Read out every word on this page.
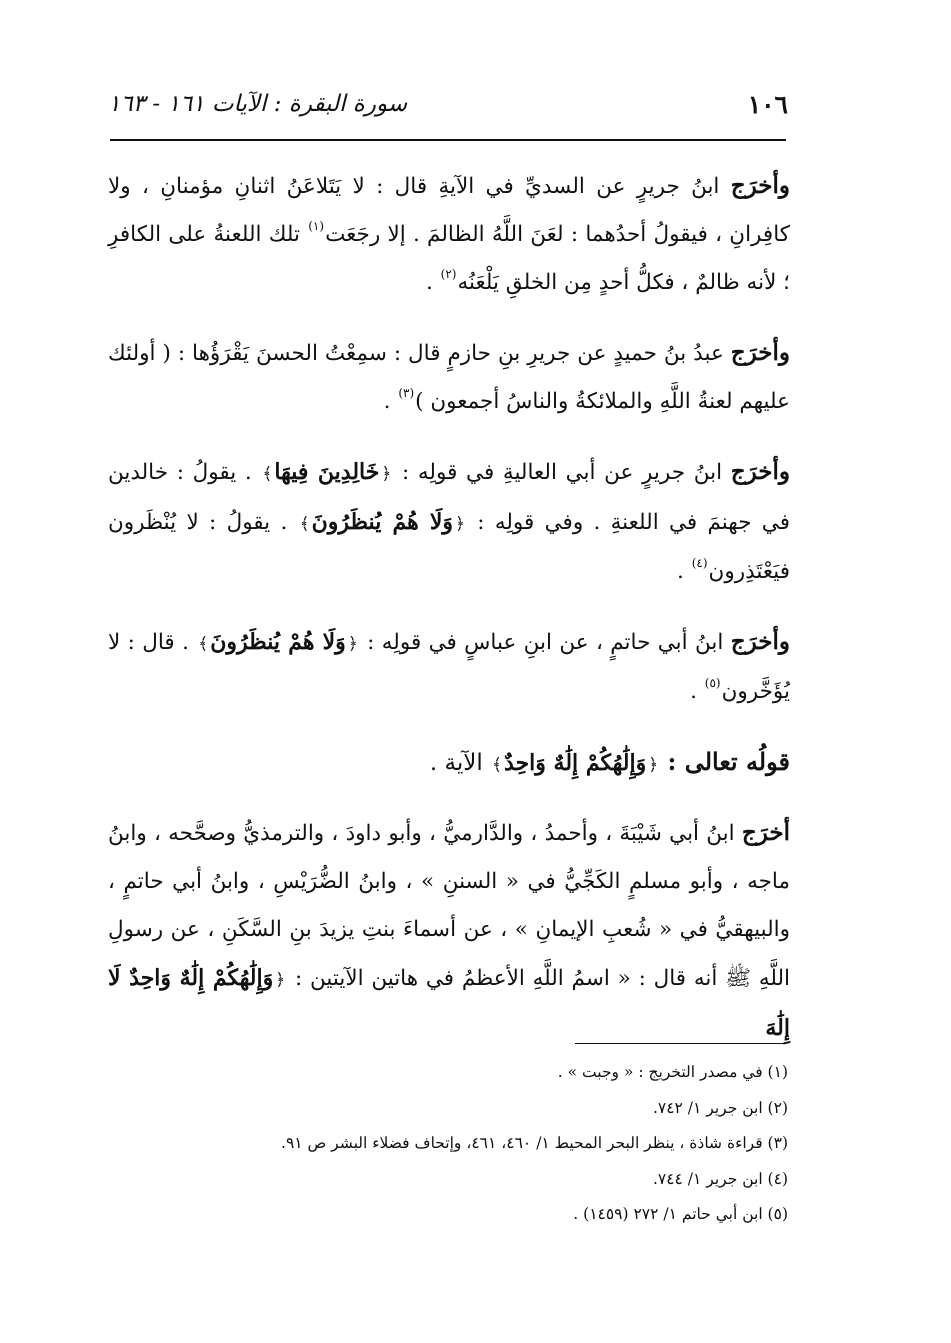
١٠٦
سورة البقرة : الآيات ١٦١ - ١٦٣

وأخرَج ابنُ جريرٍ عن السديِّ في الآيةِ قال : لا يَتَلاعَنُ اثنانِ مؤمنانِ ، ولا كافِرانِ ، فيقولُ أحدُهما : لعَنَ اللَّهُ الظالمَ . إلا رجَعَت$^{(١)}$ تلك اللعنةُ على الكافرِ ؛ لأنه ظالمٌ ، فكلُّ أحدٍ مِن الخلقِ يَلْعَنُه$^{(٢)}$ .

وأخرَج عبدُ بنُ حميدٍ عن جريرِ بنِ حازمٍ قال : سمِعْتُ الحسنَ يَقْرَؤُها : ( أولئك عليهم لعنةُ اللَّهِ والملائكةُ والناسُ أجمعون )$^{(٣)}$ .

وأخرَج ابنُ جريرٍ عن أبي العاليةِ في قولِه : ﴿خَالِدِينَ فِيهَا﴾ . يقولُ : خالدين في جهنمَ في اللعنةِ . وفي قولِه : ﴿وَلَا هُمْ يُنظَرُونَ﴾ . يقولُ : لا يُنْظَرون فيَعْتَذِرون$^{(٤)}$ .

وأخرَج ابنُ أبي حاتمٍ ، عن ابنِ عباسٍ في قولِه : ﴿وَلَا هُمْ يُنظَرُونَ﴾ . قال : لا يُؤَخَّرون$^{(٥)}$ .

قولُه تعالى : ﴿وَإِلَٰهُكُمْ إِلَٰهٌ وَاحِدٌ﴾ الآية .

أخرَج ابنُ أبي شَيْبَةَ ، وأحمدُ ، والدَّارميُّ ، وأبو داودَ ، والترمذيُّ وصحَّحه ، وابنُ ماجه ، وأبو مسلمٍ الكَجِّيُّ في « السننِ » ، وابنُ الضُّرَيْسِ ، وابنُ أبي حاتمٍ ، والبيهقيُّ في « شُعبِ الإيمانِ » ، عن أسماءَ بنتِ يزيدَ بنِ السَّكَنِ ، عن رسولِ اللَّهِ ﷺ أنه قال : « اسمُ اللَّهِ الأعظمُ في هاتين الآيتين : ﴿وَإِلَٰهُكُمْ إِلَٰهٌ وَاحِدٌ لَا إِلَٰهَ

(١) في مصدر التخريج : « وجبت » .

(٢) ابن جرير ١/ ٧٤٢.

(٣) قراءة شاذة ، ينظر البحر المحيط ١/ ٤٦٠، ٤٦١، وإتحاف فضلاء البشر ص ٩١.

(٤) ابن جرير ١/ ٧٤٤.

(٥) ابن أبي حاتم ١/ ٢٧٢ (١٤٥٩) .
